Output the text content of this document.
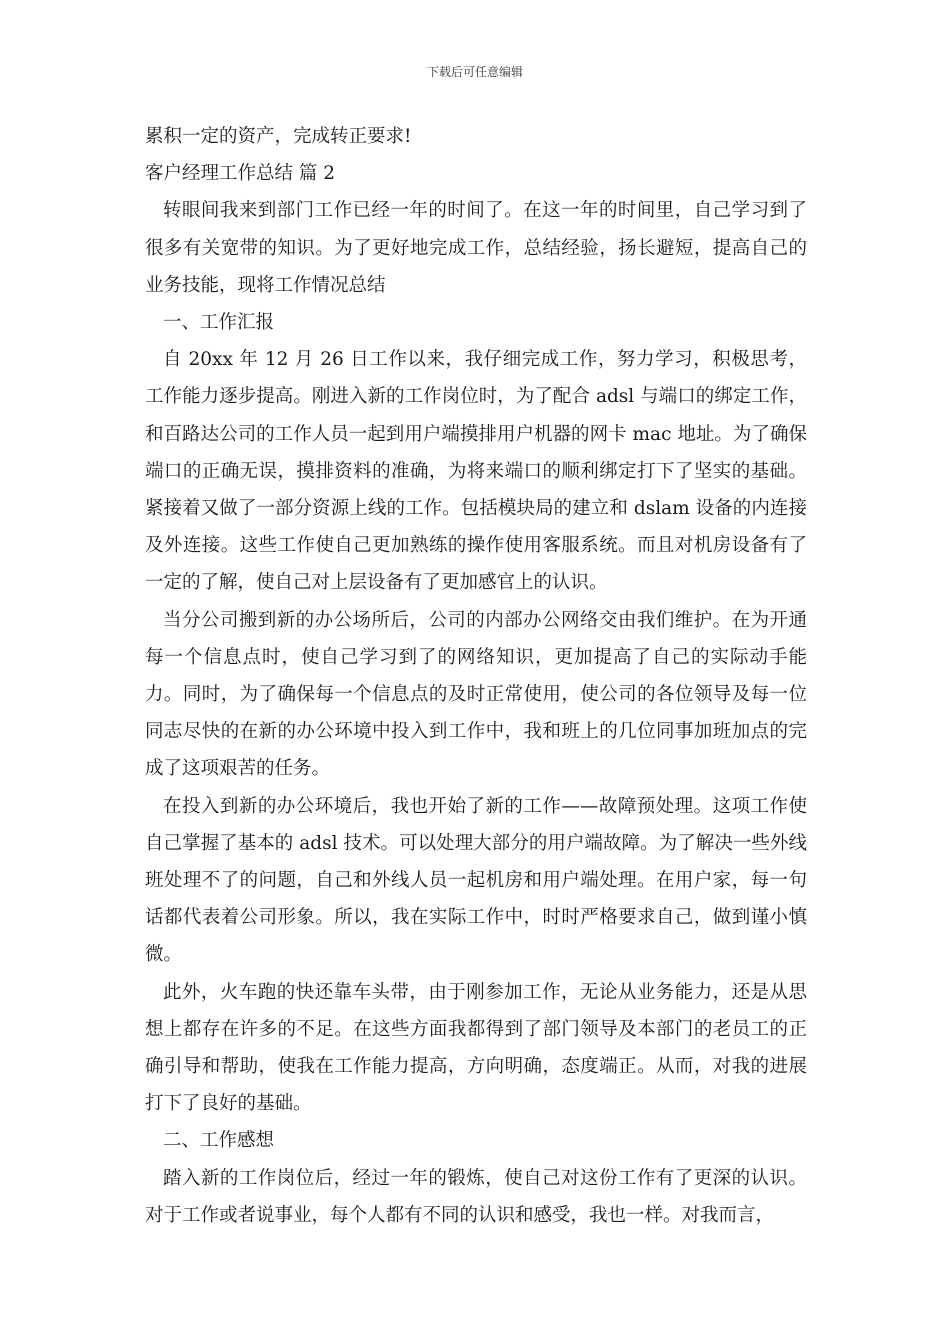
下载后可任意编辑

累积一定的资产，完成转正要求!

客户经理工作总结 篇 2

转眼间我来到部门工作已经一年的时间了。在这一年的时间里，自己学习到了很多有关宽带的知识。为了更好地完成工作，总结经验，扬长避短，提高自己的业务技能，现将工作情况总结

一、工作汇报

自 20xx 年 12 月 26 日工作以来，我仔细完成工作，努力学习，积极思考，工作能力逐步提高。刚进入新的工作岗位时，为了配合 adsl 与端口的绑定工作，和百路达公司的工作人员一起到用户端摸排用户机器的网卡 mac 地址。为了确保端口的正确无误，摸排资料的准确，为将来端口的顺利绑定打下了坚实的基础。紧接着又做了一部分资源上线的工作。包括模块局的建立和 dslam 设备的内连接及外连接。这些工作使自己更加熟练的操作使用客服系统。而且对机房设备有了一定的了解，使自己对上层设备有了更加感官上的认识。

当分公司搬到新的办公场所后，公司的内部办公网络交由我们维护。在为开通每一个信息点时，使自己学习到了的网络知识，更加提高了自己的实际动手能力。同时，为了确保每一个信息点的及时正常使用，使公司的各位领导及每一位同志尽快的在新的办公环境中投入到工作中，我和班上的几位同事加班加点的完成了这项艰苦的任务。

在投入到新的办公环境后，我也开始了新的工作——故障预处理。这项工作使自己掌握了基本的 adsl 技术。可以处理大部分的用户端故障。为了解决一些外线班处理不了的问题，自己和外线人员一起机房和用户端处理。在用户家，每一句话都代表着公司形象。所以，我在实际工作中，时时严格要求自己，做到谨小慎微。

此外，火车跑的快还靠车头带，由于刚参加工作，无论从业务能力，还是从思想上都存在许多的不足。在这些方面我都得到了部门领导及本部门的老员工的正确引导和帮助，使我在工作能力提高，方向明确，态度端正。从而，对我的进展打下了良好的基础。

二、工作感想

踏入新的工作岗位后，经过一年的锻炼，使自己对这份工作有了更深的认识。对于工作或者说事业，每个人都有不同的认识和感受，我也一样。对我而言，
